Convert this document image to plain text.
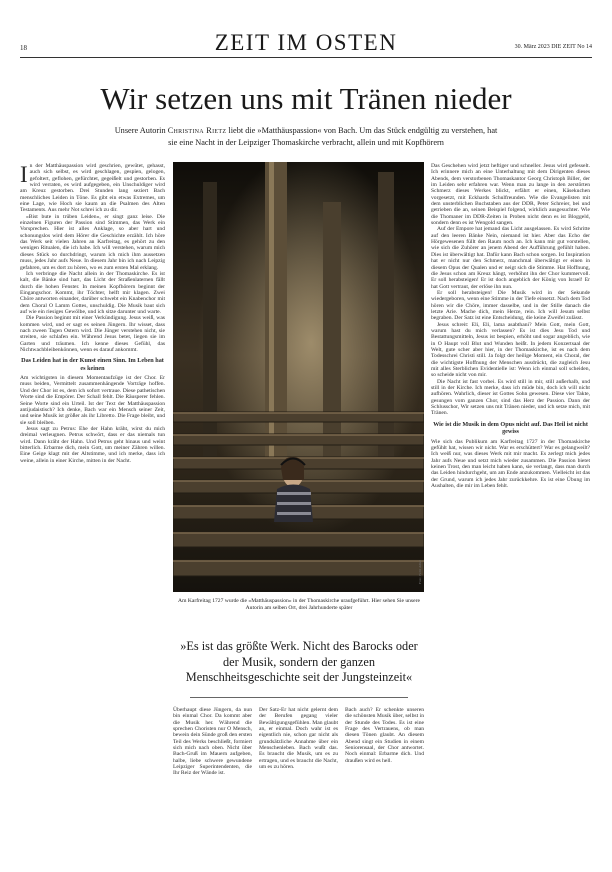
18	ZEIT IM OSTEN	30. März 2023 DIE ZEIT No 14
Wir setzen uns mit Tränen nieder
Unsere Autorin Christina Rietz liebt die »Matthäuspassion« von Bach. Um das Stück endgültig zu verstehen, hat sie eine Nacht in der Leipziger Thomaskirche verbracht, allein und mit Kopfhörern

In der Matthäuspassion wird geschrien, gewütet, gehasst, auch sich selbst, es wird geschlagen, gespien, gelogen, gefoltert, geflohen, gefürchtet, gegeißelt und gestorben. Es wird verraten, es wird aufgegeben, ein Unschuldiger wird am Kreuz gestorben. Drei Stunden lang seziert Bach menschliches Leiden in Töne. Es gibt ein etwas Extremes, um eine Lage, wie Hoch sie kaum an die Psalmen des Alten Testaments. Aus mehr Not schrei ich zu dir.

»Bist bute in trüben Leiden«, er singt ganz leise. Die einzelnen Figuren der Passion sind Stimmen, das Werk ein Vorsprechen. Hier ist alles Anklage, so aber hart und schonungslos wird dem Hörer die Geschichte erzählt. Ich höre das Werk seit vielen Jahren an Karfreitag, es gehört zu den wenigen Ritualen, die ich habe. Ich will verstehen, warum mich dieses Stück so durchdringt, warum ich mich ihm aussetzen muss, jedes Jahr aufs Neue. In diesem Jahr bin ich nach Leipzig gefahren, um es dort zu hören, wo es zum ersten Mal erklang.

Ich verbringe die Nacht allein in der Thomaskirche. Es ist kalt, die Bänke sind hart, das Licht der Straßenlaternen fällt durch die hohen Fenster. In meinen Kopfhörern beginnt der Eingangschor. Kommt, ihr Töchter, helft mir klagen. Zwei Chöre antworten einander, darüber schwebt ein Knabenchor mit dem Choral O Lamm Gottes, unschuldig. Die Musik baut sich auf wie ein riesiges Gewölbe, und ich sitze darunter und warte.

Die Passion beginnt mit einer Verkündigung. Jesus weiß, was kommen wird, und er sagt es seinen Jüngern. Ihr wisset, dass nach zween Tagen Ostern wird. Die Jünger verstehen nicht, sie streiten, sie schlafen ein. Während Jesus betet, liegen sie im Garten und träumen. Ich kenne dieses Gefühl, das Nichtwachbleibenkönnen, wenn es darauf ankommt.

Das Leiden hat in der Kunst einen Sinn. Im Leben hat es keinen

Am wichtigsten in diesem Momentaufzüge ist der Chor. Er muss beiden, Vermittelt zusammenhängende Vorträge hoffen. Und der Chor ist es, dem ich sofort vertraue. Diese pathetischen Worte sind die Empörer. Der Schall fehlt. Die Räusperer fehlen. Seine Worte sind ein Urteil. Ist der Text der Matthäuspassion antijudaistisch? Ich denke, Bach war ein Mensch seiner Zeit, und seine Musik ist größer als ihr Libretto. Die Frage bleibt, und sie soll bleiben.

Jesus sagt zu Petrus: Ehe der Hahn kräht, wirst du mich dreimal verleugnen. Petrus schwört, dass er das niemals tun wird. Dann kräht der Hahn. Und Petrus geht hinaus und weint bitterlich. Erbarme dich, mein Gott, um meiner Zähren willen. Eine Geige klagt mit der Altstimme, und ich merke, dass ich weine, allein in einer Kirche, mitten in der Nacht.

Foto: Felix Adler
Am Karfreitag 1727 wurde die »Matthäuspassion« in der Thomaskirche uraufgeführt. Hier sehen Sie unsere Autorin am selben Ort, drei Jahrhunderte später
»Es ist das größte Werk. Nicht des Barocks oder der Musik, sondern der ganzen Menschheitsgeschichte seit der Jungsteinzeit«

Das Geschehen wird jetzt heftiger und schneller. Jesus wird gefesselt. Ich erinnere mich an eine Unterhaltung mit dem Dirigenten dieses Abends, dem verstorbenen Thomaskantor Georg Christoph Biller, der im Leiden sehr erfahren war. Wenn man zu lange in den zerstörten Schmerz dieses Werkes blickt, erfährt er einen, Käsekuchen vorgesetzt, mit Eckhards Schulfreunden. Wie die Evangelisten mit dem unsterblichen Buchstaben aus der DDR, Peter Schreier, bei und getrieben die an, seinen Beispiel folgend, wirklich ausgesuchter. Wie die Thomaner im DDR-Zeiten in Proben nicht denn es ist Bloggeld, sondern denn es ist Wengold sangen.

Auf der Empore hat jemand das Licht ausgelassen. Es wird Schritte auf den leeren Bänke Nein, niemand ist hier. Aber das Echo der Hörgewesenen füllt den Raum noch an. Ich kann mir gut vorstellen, wie sich die Zuhörer an jenem Abend der Aufführung gefühlt haben. Dies ist überwältigt hat. Dafür kann Bach schon sorgen. Ist Inspiration hat er nicht nur den Schmerz, manchmal überwältigt er einen in diesem Opus der Qualen und er neigt sich die Stimme. Hat Hoffnung, die Jesus schon am Kreuz hängt, verhöhnt ihn der Chor kummervoll. Er soll herabsteigen! Er ist doch angeblich der König von Israel! Er hat Gott vertraut, der erlöse ihn nun.

Er soll herabsteigen! Die Musik wird in der Sekunde wiedergeboren, wenn eine Stimme in der Tiefe einsetzt. Nach dem Tod hören wir die Chöre, immer dasselbe, und in der Stille danach die letzte Arie. Mache dich, mein Herze, rein. Ich will Jesum selbst begraben. Der Satz ist eine Entscheidung, die keine Zweifel zulässt.

Jesus schreit: Eli, Eli, lama asabthani? Mein Gott, mein Gott, warum hast du mich verlassen? Es ist dies Jesu Tod und Bestattungsmitteln, Jesus ist bespien, erhöht und sogar angeblich, wie in O Haupt voll Blut und Wunden heißt. In jedem Konzertsaal der Welt, gute scher aber hier, in der Thomaskirche, ist es nach dem Todesschrei Christi still. Ja folgt der heilige Moment, ein Choral, der die wichtigste Hoffnung der Menschen ausdrückt, die zugleich Jesu mit alles Sterblichen Evidentielle ist: Wenn ich einmal soll scheiden, so scheide nicht von mir.

Die Nacht ist fast vorbei. Es wird still in mir, still außerhalb, und still in der Kirche. Ich merke, dass ich müde bin, doch ich will nicht aufhören. Wahrlich, dieser ist Gottes Sohn gewesen. Diese vier Takte, gesungen vom ganzen Chor, sind das Herz der Passion. Dann der Schlusschor, Wir setzen uns mit Tränen nieder, und ich setze mich, mit Tränen.

Wie ist die Musik in dem Opus nicht auf. Das Heil ist nicht gewiss

Wie sich das Publikum am Karfreitag 1727 in der Thomaskirche gefühlt hat, wissen wir nicht. War es erschüttert? War es gelangweilt? Ich weiß nur, was dieses Werk mit mir macht. Es zerlegt mich jedes Jahr aufs Neue und setzt mich wieder zusammen. Die Passion bietet keinen Trost, den man leicht haben kann, sie verlangt, dass man durch das Leiden hindurchgeht, um am Ende anzukommen. Vielleicht ist das der Grund, warum ich jedes Jahr zurückkehre. Es ist eine Übung im Aushalten, die mir im Leben fehlt.

Überhaupt diese Jüngern, da nun bin einmal Chor. Da kommt aber die Musik her. Während die sprechen Choristen nur O Mensch, bewein dein Sünde groß den ersten Teil des Werks beschließt, formiert sich mich nach oben. Nicht über Bach-Gruß im Mauern aufgeben, halbe, liebe schwere gewundene Leipziger Superintendenten, die Ihr Reiz der Wände ist.

Der Satz-Er hat nicht gelernt dem der Berufen gegang vieler Bewältigungsgefühlen. Man glaubt an, er einmal. Doch wahr ist es eigentlich nie, schon gar nicht als grundsätzliche Annahme über ein Menschenleben. Bach wußt das. Es braucht die Musik, um es zu ertragen, und es braucht die Nacht, um es zu hören.

Bach auch? Er schenkte unseren die schönsten Musik über, selbst in der Stunde des Todes. Es ist eine Frage des Vertrauens, ob man diesen Tönen glaubt. An diesem Abend singt ein Studien in einem Seniorensaal, der Chor antwortet. Noch einmal: Erbarme dich. Und draußen wird es hell.
